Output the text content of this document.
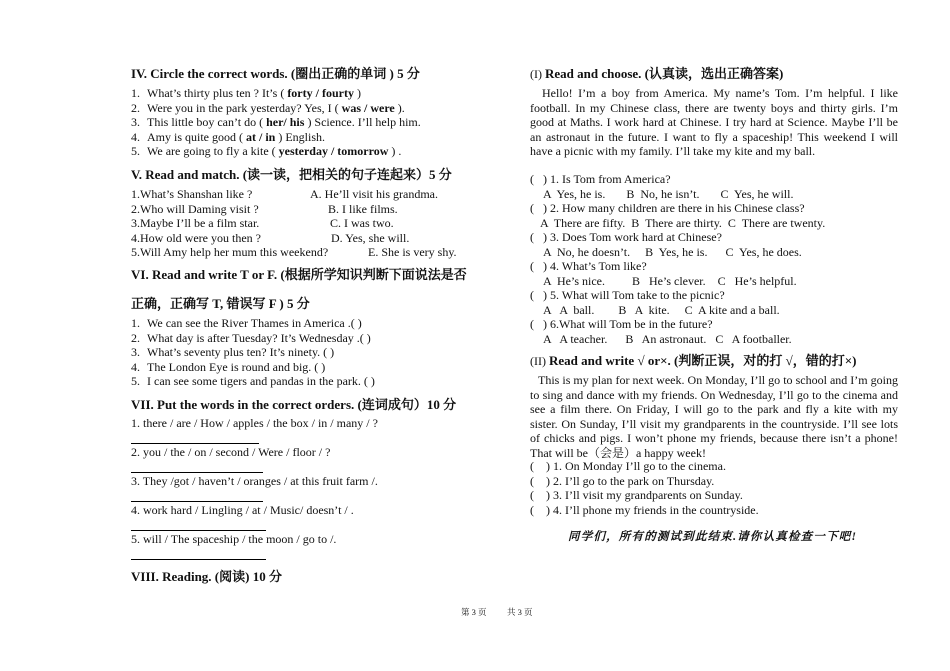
IV. Circle the correct words. (圈出正确的单词 ) 5 分
1. What’s thirty plus ten ? It’s ( forty / fourty )
2. Were you in the park yesterday? Yes, I ( was / were ).
3. This little boy can’t do ( her/ his ) Science. I’ll help him.
4. Amy is quite good ( at / in ) English.
5. We are going to fly a kite ( yesterday / tomorrow ) .
V. Read and match. (读一读，把相关的句子连起来）5 分
1.What’s Shanshan like ?	A. He’ll visit his grandma.
2.Who will Daming visit ?	B. I like films.
3.Maybe I’ll be a film star.	C. I was two.
4.How old were you then ?	D. Yes, she will.
5.Will Amy help her mum this weekend?	E. She is very shy.
VI. Read and write T or F. (根据所学知识判断下面说法是否
正确，正确写 T, 错误写 F ) 5 分
1. We can see the River Thames in America .( )
2. What day is after Tuesday? It’s Wednesday .( )
3. What’s seventy plus ten? It’s ninety. ( )
4. The London Eye is round and big. ( )
5. I can see some tigers and pandas in the park. ( )
VII. Put the words in the correct orders. (连词成句）10 分
1. there / are / How / apples / the box / in / many / ?
2. you / the / on / second / Were / floor / ?
3. They /got / haven’t / oranges / at this fruit farm /.
4. work hard / Lingling / at / Music/ doesn’t / .
5. will / The spaceship / the moon / go to /.
VIII. Reading. (阅读) 10 分
(I) Read and choose. (认真读，选出正确答案)
Hello! I’m a boy from America. My name’s Tom. I’m helpful. I like football. In my Chinese class, there are twenty boys and thirty girls. I’m good at Maths. I work hard at Chinese. I try hard at Science. Maybe I’ll be an astronaut in the future. I want to fly a spaceship! This weekend I will have a picnic with my family. I’ll take my kite and my ball.
(   ) 1. Is Tom from America?
A  Yes, he is.       B  No, he isn’t.       C  Yes, he will.
(   ) 2. How many children are there in his Chinese class?
A  There are fifty.  B  There are thirty.  C  There are twenty.
(   ) 3. Does Tom work hard at Chinese?
A  No, he doesn’t.     B  Yes, he is.      C  Yes, he does.
(   ) 4. What’s Tom like?
A  He’s nice.         B   He’s clever.    C   He’s helpful.
(   ) 5. What will Tom take to the picnic?
A   A  ball.        B   A  kite.     C  A kite and a ball.
(   ) 6.What will Tom be in the future?
A   A teacher.      B   An astronaut.   C   A footballer.
(II) Read and write √ or×. (判断正误，对的打 √，错的打×)
This is my plan for next week. On Monday, I’ll go to school and I’m going to sing and dance with my friends. On Wednesday, I’ll go to the cinema and see a film there. On Friday, I will go to the park and fly a kite with my sister. On Sunday, I’ll visit my grandparents in the countryside. I’ll see lots of chicks and pigs. I won’t phone my friends, because there isn’t a phone! That will be（会是）a happy week!
(    ) 1. On Monday I’ll go to the cinema.
(    ) 2. I’ll go to the park on Thursday.
(    ) 3. I’ll visit my grandparents on Sunday.
(    ) 4. I’ll phone my friends in the countryside.
同学们，所有的测试到此结束.请你认真检查一下吧!
第 3 页 共 3 页
